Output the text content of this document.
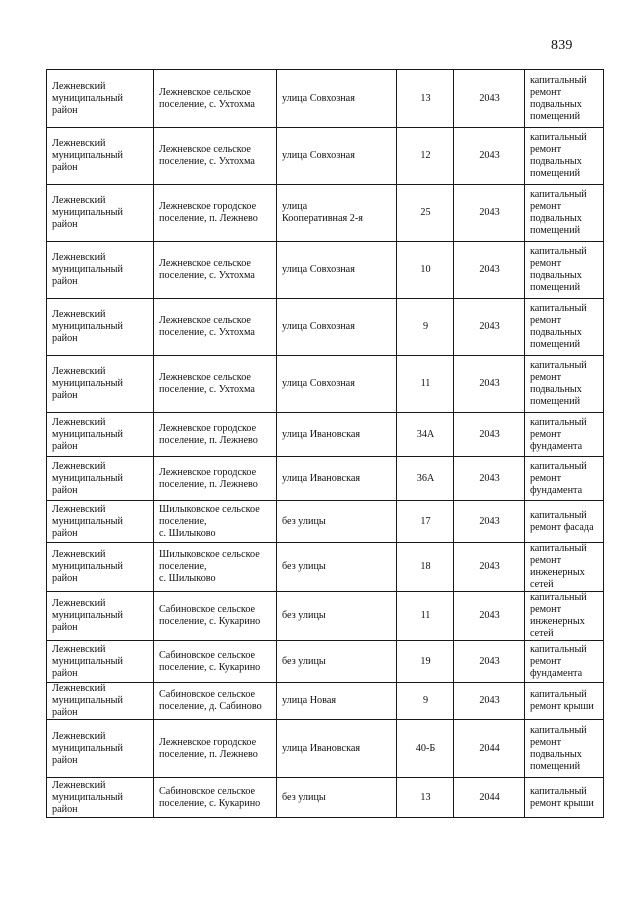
839
Лежневский
муниципальный
район	Лежневское сельское
поселение, с. Ухтохма	улица Совхозная	13	2043	капитальный
ремонт
подвальных
помещений

Лежневский
муниципальный
район	Лежневское сельское
поселение, с. Ухтохма	улица Совхозная	12	2043	капитальный
ремонт
подвальных
помещений

Лежневский
муниципальный
район	Лежневское городское
поселение, п. Лежнево	улица
Кооперативная 2-я	25	2043	капитальный
ремонт
подвальных
помещений

Лежневский
муниципальный
район	Лежневское сельское
поселение, с. Ухтохма	улица Совхозная	10	2043	капитальный
ремонт
подвальных
помещений

Лежневский
муниципальный
район	Лежневское сельское
поселение, с. Ухтохма	улица Совхозная	9	2043	капитальный
ремонт
подвальных
помещений

Лежневский
муниципальный
район	Лежневское сельское
поселение, с. Ухтохма	улица Совхозная	11	2043	капитальный
ремонт
подвальных
помещений

Лежневский
муниципальный
район	Лежневское городское
поселение, п. Лежнево	улица Ивановская	34А	2043	капитальный
ремонт
фундамента

Лежневский
муниципальный
район	Лежневское городское
поселение, п. Лежнево	улица Ивановская	36А	2043	капитальный
ремонт
фундамента

Лежневский
муниципальный
район	Шилыковское сельское
поселение,
с. Шилыково	без улицы	17	2043	капитальный
ремонт фасада

Лежневский
муниципальный
район	Шилыковское сельское
поселение,
с. Шилыково	без улицы	18	2043	капитальный
ремонт
инженерных
сетей

Лежневский
муниципальный
район	Сабиновское сельское
поселение, с. Кукарино	без улицы	11	2043	капитальный
ремонт
инженерных
сетей

Лежневский
муниципальный
район	Сабиновское сельское
поселение, с. Кукарино	без улицы	19	2043	капитальный
ремонт
фундамента

Лежневский
муниципальный
район	Сабиновское сельское
поселение, д. Сабиново	улица Новая	9	2043	капитальный
ремонт крыши

Лежневский
муниципальный
район	Лежневское городское
поселение, п. Лежнево	улица Ивановская	40-Б	2044	капитальный
ремонт
подвальных
помещений

Лежневский
муниципальный
район	Сабиновское сельское
поселение, с. Кукарино	без улицы	13	2044	капитальный
ремонт крыши
